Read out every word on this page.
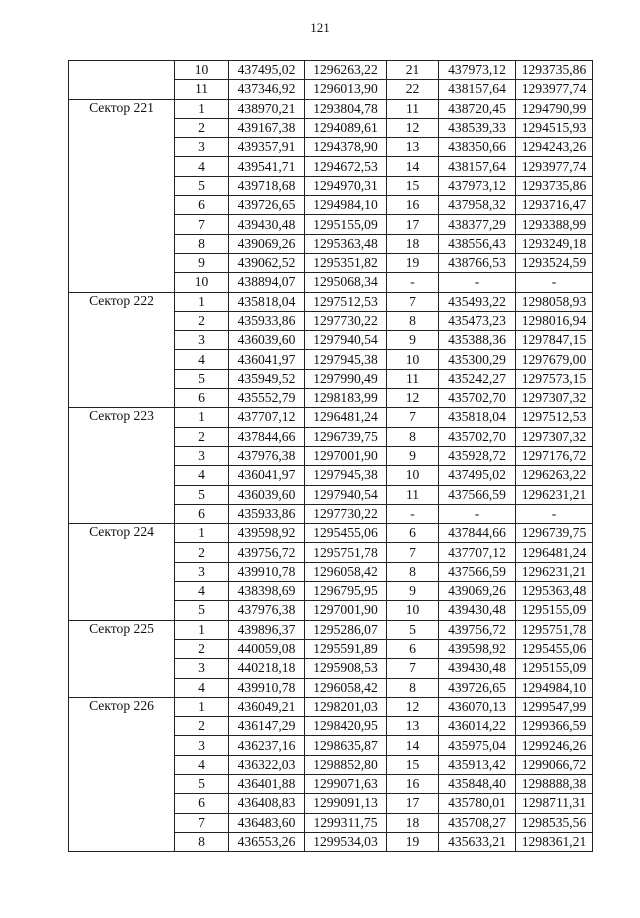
121
	10	437495,02	1296263,22	21	437973,12	1293735,86
	11	437346,92	1296013,90	22	438157,64	1293977,74
Сектор 221	1	438970,21	1293804,78	11	438720,45	1294790,99
	2	439167,38	1294089,61	12	438539,33	1294515,93
	3	439357,91	1294378,90	13	438350,66	1294243,26
	4	439541,71	1294672,53	14	438157,64	1293977,74
	5	439718,68	1294970,31	15	437973,12	1293735,86
	6	439726,65	1294984,10	16	437958,32	1293716,47
	7	439430,48	1295155,09	17	438377,29	1293388,99
	8	439069,26	1295363,48	18	438556,43	1293249,18
	9	439062,52	1295351,82	19	438766,53	1293524,59
	10	438894,07	1295068,34	-	-	-
Сектор 222	1	435818,04	1297512,53	7	435493,22	1298058,93
	2	435933,86	1297730,22	8	435473,23	1298016,94
	3	436039,60	1297940,54	9	435388,36	1297847,15
	4	436041,97	1297945,38	10	435300,29	1297679,00
	5	435949,52	1297990,49	11	435242,27	1297573,15
	6	435552,79	1298183,99	12	435702,70	1297307,32
Сектор 223	1	437707,12	1296481,24	7	435818,04	1297512,53
	2	437844,66	1296739,75	8	435702,70	1297307,32
	3	437976,38	1297001,90	9	435928,72	1297176,72
	4	436041,97	1297945,38	10	437495,02	1296263,22
	5	436039,60	1297940,54	11	437566,59	1296231,21
	6	435933,86	1297730,22	-	-	-
Сектор 224	1	439598,92	1295455,06	6	437844,66	1296739,75
	2	439756,72	1295751,78	7	437707,12	1296481,24
	3	439910,78	1296058,42	8	437566,59	1296231,21
	4	438398,69	1296795,95	9	439069,26	1295363,48
	5	437976,38	1297001,90	10	439430,48	1295155,09
Сектор 225	1	439896,37	1295286,07	5	439756,72	1295751,78
	2	440059,08	1295591,89	6	439598,92	1295455,06
	3	440218,18	1295908,53	7	439430,48	1295155,09
	4	439910,78	1296058,42	8	439726,65	1294984,10
Сектор 226	1	436049,21	1298201,03	12	436070,13	1299547,99
	2	436147,29	1298420,95	13	436014,22	1299366,59
	3	436237,16	1298635,87	14	435975,04	1299246,26
	4	436322,03	1298852,80	15	435913,42	1299066,72
	5	436401,88	1299071,63	16	435848,40	1298888,38
	6	436408,83	1299091,13	17	435780,01	1298711,31
	7	436483,60	1299311,75	18	435708,27	1298535,56
	8	436553,26	1299534,03	19	435633,21	1298361,21
